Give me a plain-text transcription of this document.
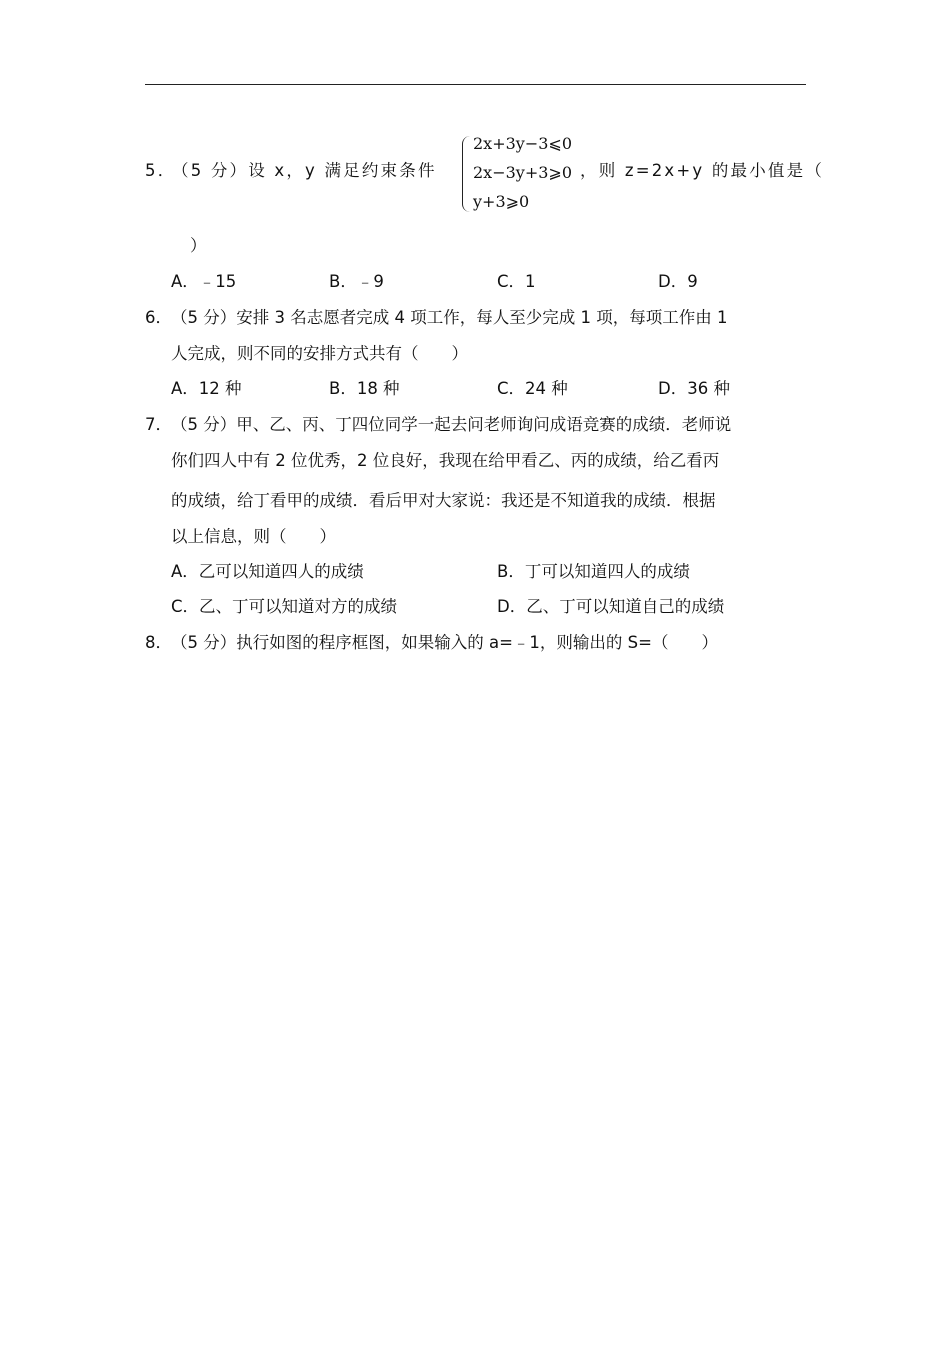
5．
（5 分）设 x，y 满足约束条件
2x+3y−3⩽0
2x−3y+3⩾0
y+3⩾0
，则 z=2x+y 的最小值是（
）
A．﹣15	B．﹣9	C．1	D．9
6． （5 分）安排 3 名志愿者完成 4 项工作，每人至少完成 1 项，每项工作由 1
人完成，则不同的安排方式共有（　　）
A．12 种	B．18 种	C．24 种	D．36 种
7． （5 分）甲、乙、丙、丁四位同学一起去问老师询问成语竞赛的成绩．老师说
你们四人中有 2 位优秀，2 位良好，我现在给甲看乙、丙的成绩，给乙看丙
的成绩，给丁看甲的成绩．看后甲对大家说：我还是不知道我的成绩．根据
以上信息，则（　　）
A．乙可以知道四人的成绩	B．丁可以知道四人的成绩
C．乙、丁可以知道对方的成绩	D．乙、丁可以知道自己的成绩
8． （5 分）执行如图的程序框图，如果输入的 a=﹣1，则输出的 S=（　　）
